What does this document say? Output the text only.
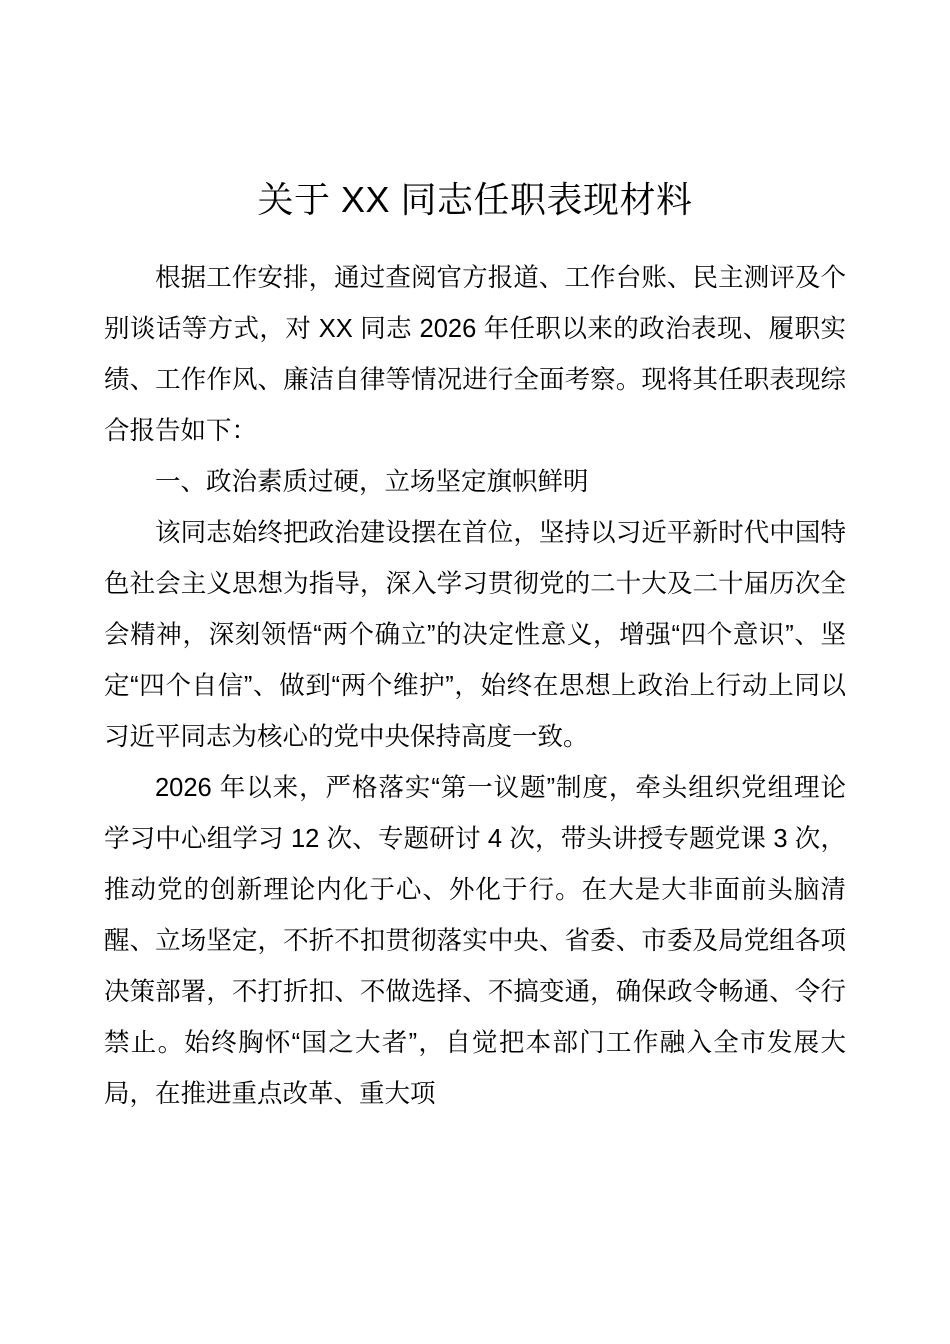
关于 XX 同志任职表现材料

根据工作安排，通过查阅官方报道、工作台账、民主测评及个别谈话等方式，对 XX 同志 2026 年任职以来的政治表现、履职实绩、工作作风、廉洁自律等情况进行全面考察。现将其任职表现综合报告如下：

一、政治素质过硬，立场坚定旗帜鲜明

该同志始终把政治建设摆在首位，坚持以习近平新时代中国特色社会主义思想为指导，深入学习贯彻党的二十大及二十届历次全会精神，深刻领悟“两个确立”的决定性意义，增强“四个意识”、坚定“四个自信”、做到“两个维护”，始终在思想上政治上行动上同以习近平同志为核心的党中央保持高度一致。

2026 年以来，严格落实“第一议题”制度，牵头组织党组理论学习中心组学习 12 次、专题研讨 4 次，带头讲授专题党课 3 次，推动党的创新理论内化于心、外化于行。在大是大非面前头脑清醒、立场坚定，不折不扣贯彻落实中央、省委、市委及局党组各项决策部署，不打折扣、不做选择、不搞变通，确保政令畅通、令行禁止。始终胸怀“国之大者”，自觉把本部门工作融入全市发展大局，在推进重点改革、重大项
